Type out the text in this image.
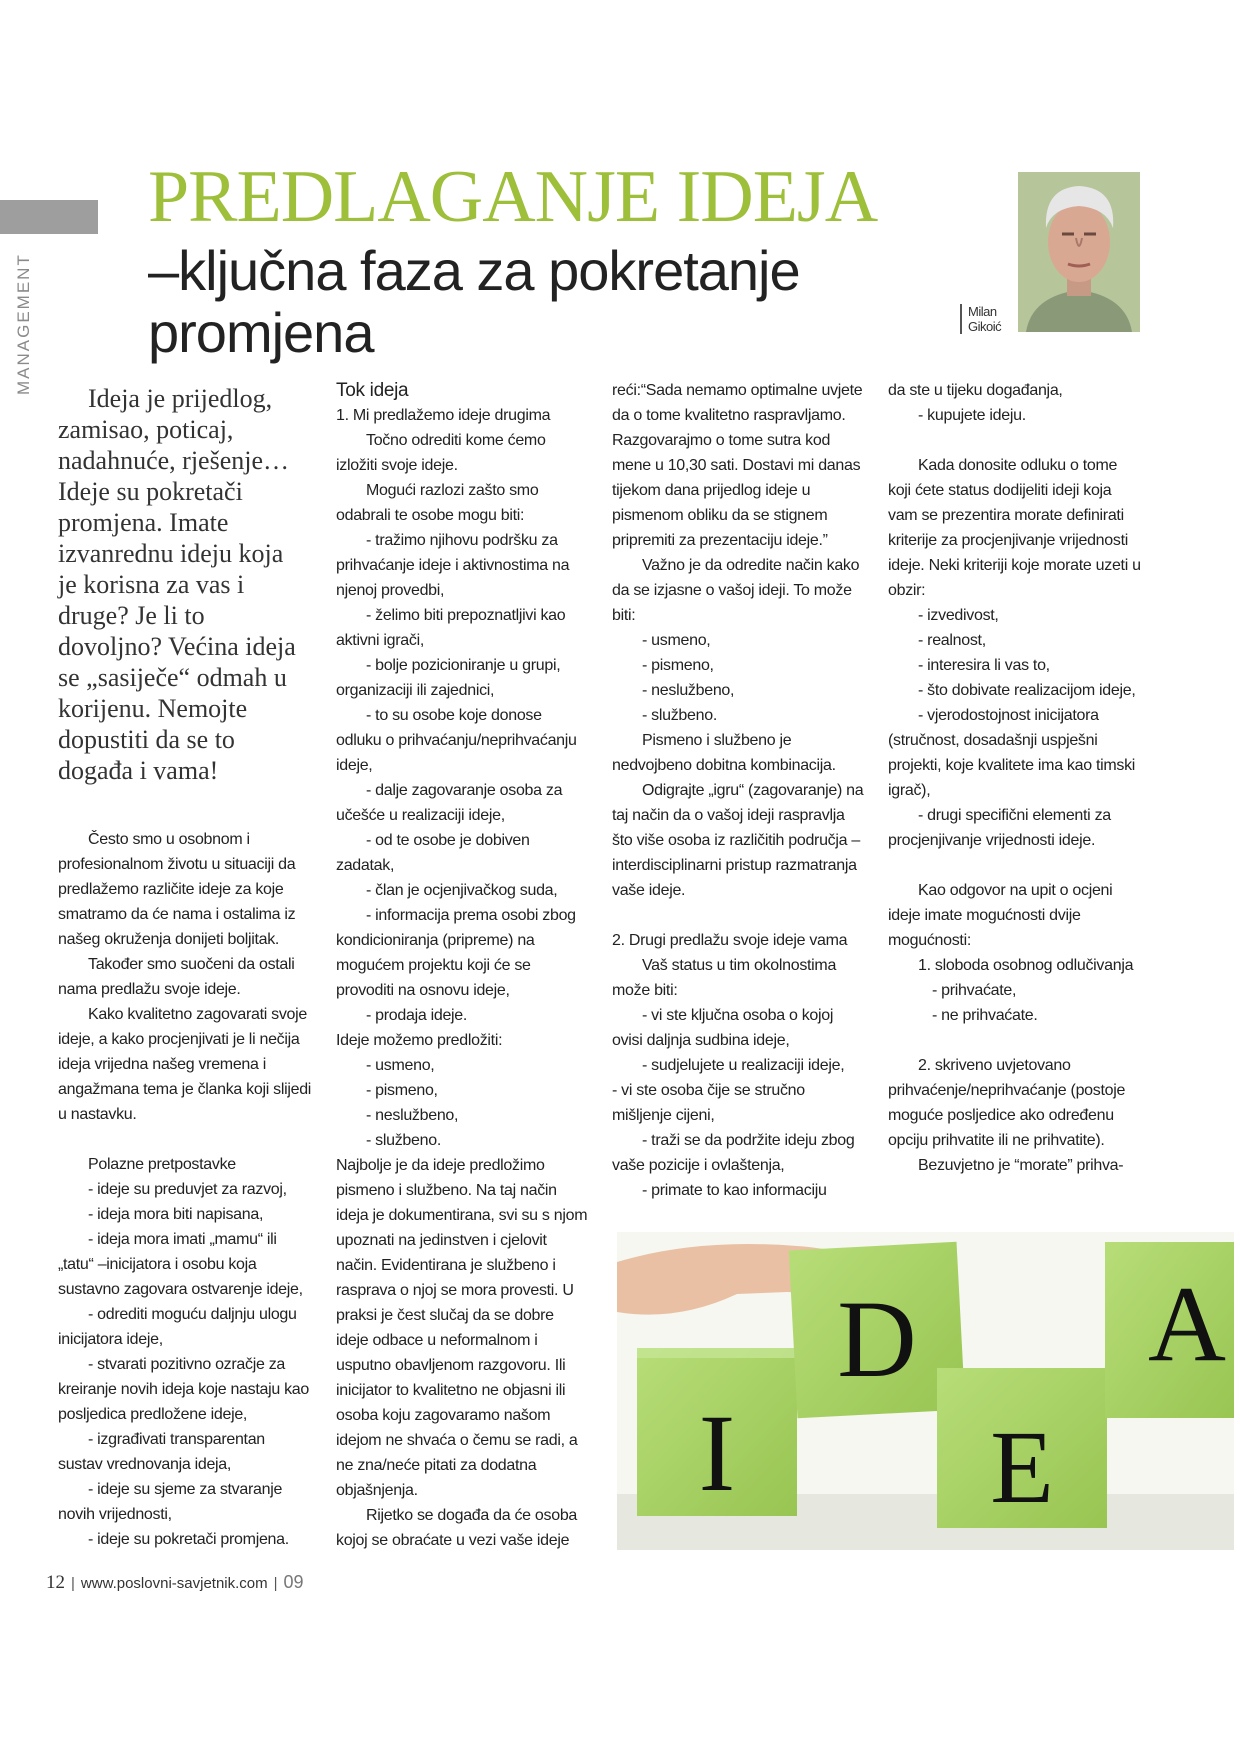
MANAGEMENT
PREDLAGANJE IDEJA
–ključna faza za pokretanje promjena	Milan
Gikoić

Ideja je prijedlog, zamisao, poticaj, nadahnuće, rješenje… Ideje su pokretači promjena. Imate izvanrednu ideju koja je korisna za vas i druge? Je li to dovoljno? Većina ideja se „sasiječe“ odmah u korijenu. Nemojte dopustiti da se to događa i vama!

Često smo u osobnom i profesionalnom životu u situaciji da predlažemo različite ideje za koje smatramo da će nama i ostalima iz našeg okruženja donijeti boljitak.

Također smo suočeni da ostali nama predlažu svoje ideje.

Kako kvalitetno zagovarati svoje ideje, a kako procjenjivati je li nečija ideja vrijedna našeg vremena i angažmana tema je članka koji slijedi u nastavku.

Polazne pretpostavke

- ideje su preduvjet za razvoj,

- ideja mora biti napisana,

- ideja mora imati „mamu“ ili „tatu“ –inicijatora i osobu koja sustavno zagovara ostvarenje ideje,

- odrediti moguću daljnju ulogu inicijatora ideje,

- stvarati pozitivno ozračje za kreiranje novih ideja koje nastaju kao posljedica predložene ideje,

- izgrađivati transparentan sustav vrednovanja ideja,

- ideje su sjeme za stvaranje novih vrijednosti,

- ideje su pokretači promjena.

Tok ideja

1. Mi predlažemo ideje drugima

Točno odrediti kome ćemo izložiti svoje ideje.

Mogući razlozi zašto smo odabrali te osobe mogu biti:

- tražimo njihovu podršku za prihvaćanje ideje i aktivnostima na njenoj provedbi,

- želimo biti prepoznatljivi kao aktivni igrači,

- bolje pozicioniranje u grupi, organizaciji ili zajednici,

- to su osobe koje donose odluku o prihvaćanju/neprihvaćanju ideje,

- dalje zagovaranje osoba za učešće u realizaciji ideje,

- od te osobe je dobiven zadatak,

- član je ocjenjivačkog suda,

- informacija prema osobi zbog kondicioniranja (pripreme) na mogućem projektu koji će se provoditi na osnovu ideje,

- prodaja ideje.

Ideje možemo predložiti:

- usmeno,

- pismeno,

- neslužbeno,

- službeno.

Najbolje je da ideje predložimo pismeno i službeno. Na taj način ideja je dokumentirana, svi su s njom upoznati na jedinstven i cjelovit način. Evidentirana je službeno i rasprava o njoj se mora provesti. U praksi je čest slučaj da se dobre ideje odbace u neformalnom i usputno obavljenom razgovoru. Ili inicijator to kvalitetno ne objasni ili osoba koju zagovaramo našom idejom ne shvaća o čemu se radi, a ne zna/neće pitati za dodatna objašnjenja.

Rijetko se događa da će osoba kojoj se obraćate u vezi vaše ideje

reći:“Sada nemamo optimalne uvjete da o tome kvalitetno raspravljamo. Razgovarajmo o tome sutra kod mene u 10,30 sati. Dostavi mi danas tijekom dana prijedlog ideje u pismenom obliku da se stignem pripremiti za prezentaciju ideje.”

Važno je da odredite način kako da se izjasne o vašoj ideji. To može biti:

- usmeno,

- pismeno,

- neslužbeno,

- službeno.

Pismeno i službeno je nedvojbeno dobitna kombinacija.

Odigrajte „igru“ (zagovaranje) na taj način da o vašoj ideji raspravlja što više osoba iz različitih područja –interdisciplinarni pristup razmatranja vaše ideje.

2. Drugi predlažu svoje ideje vama

Vaš status u tim okolnostima može biti:

- vi ste ključna osoba o kojoj ovisi daljnja sudbina ideje,

- sudjelujete u realizaciji ideje,

- vi ste osoba čije se stručno mišljenje cijeni,

- traži se da podržite ideju zbog vaše pozicije i ovlaštenja,

- primate to kao informaciju

da ste u tijeku događanja,

- kupujete ideju.

Kada donosite odluku o tome koji ćete status dodijeliti ideji koja vam se prezentira morate definirati kriterije za procjenjivanje vrijednosti ideje. Neki kriteriji koje morate uzeti u obzir:

- izvedivost,

- realnost,

- interesira li vas to,

- što dobivate realizacijom ideje,

- vjerodostojnost inicijatora (stručnost, dosadašnji uspješni projekti, koje kvalitete ima kao timski igrač),

- drugi specifični elementi za procjenjivanje vrijednosti ideje.

Kao odgovor na upit o ocjeni ideje imate mogućnosti dvije mogućnosti:

1. sloboda osobnog odlučivanja

- prihvaćate,

- ne prihvaćate.

2. skriveno uvjetovano prihvaćenje/neprihvaćanje (postoje moguće posljedice ako određenu opciju prihvatite ili ne prihvatite).

Bezuvjetno je “morate” prihva-

I
D
E
A
12 | www.poslovni-savjetnik.com | 09
